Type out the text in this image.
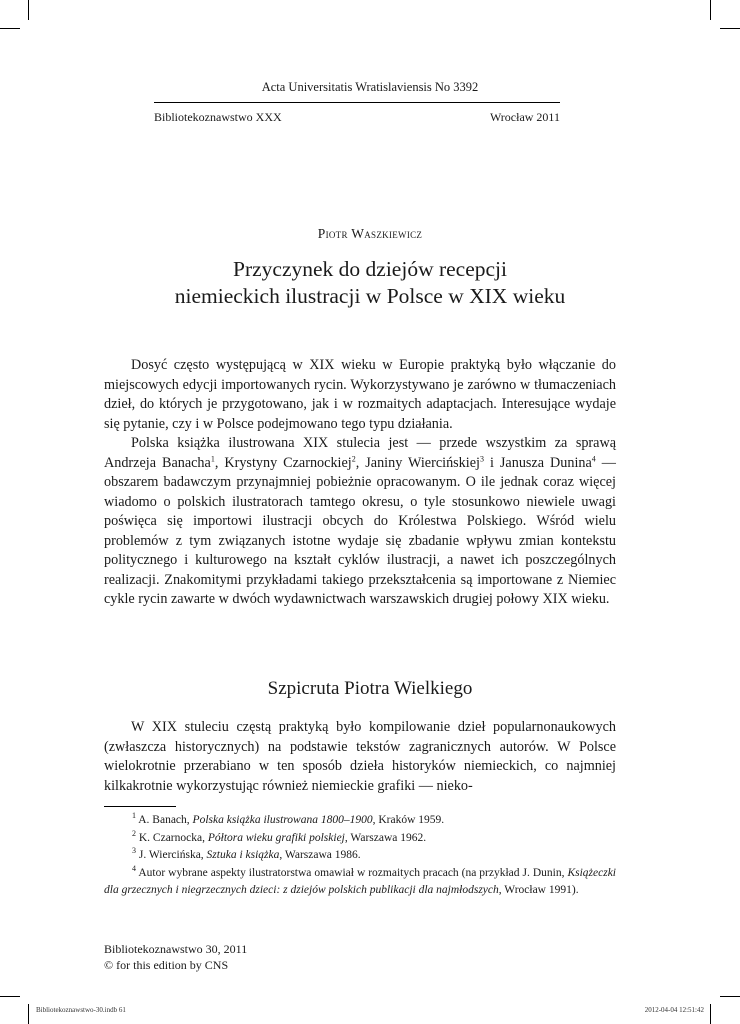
Acta Universitatis Wratislaviensis No 3392
Bibliotekoznawstwo XXX	Wrocław 2011
Piotr Waszkiewicz
Przyczynek do dziejów recepcji
niemieckich ilustracji w Polsce w XIX wieku

Dosyć często występującą w XIX wieku w Europie praktyką było włączanie do miejscowych edycji importowanych rycin. Wykorzystywano je zarówno w tłumaczeniach dzieł, do których je przygotowano, jak i w rozmaitych adaptacjach. Interesujące wydaje się pytanie, czy i w Polsce podejmowano tego typu działania.

Polska książka ilustrowana XIX stulecia jest — przede wszystkim za sprawą Andrzeja Banacha$^1$, Krystyny Czarnockiej$^2$, Janiny Wiercińskiej$^3$ i Janusza Dunina$^4$ — obszarem badawczym przynajmniej pobieżnie opracowanym. O ile jednak coraz więcej wiadomo o polskich ilustratorach tamtego okresu, o tyle stosunkowo niewiele uwagi poświęca się importowi ilustracji obcych do Królestwa Polskiego. Wśród wielu problemów z tym związanych istotne wydaje się zbadanie wpływu zmian kontekstu politycznego i kulturowego na kształt cyklów ilustracji, a nawet ich poszczególnych realizacji. Znakomitymi przykładami takiego przekształcenia są importowane z Niemiec cykle rycin zawarte w dwóch wydawnictwach warszawskich drugiej połowy XIX wieku.

Szpicruta Piotra Wielkiego

W XIX stuleciu częstą praktyką było kompilowanie dzieł popularnonaukowych (zwłaszcza historycznych) na podstawie tekstów zagranicznych autorów. W Polsce wielokrotnie przerabiano w ten sposób dzieła historyków niemieckich, co najmniej kilkakrotnie wykorzystując również niemieckie grafiki — nieko-

$^1$ A. Banach, Polska książka ilustrowana 1800–1900, Kraków 1959.

$^2$ K. Czarnocka, Półtora wieku grafiki polskiej, Warszawa 1962.

$^3$ J. Wiercińska, Sztuka i książka, Warszawa 1986.

$^4$ Autor wybrane aspekty ilustratorstwa omawiał w rozmaitych pracach (na przykład J. Dunin, Książeczki dla grzecznych i niegrzecznych dzieci: z dziejów polskich publikacji dla najmłodszych, Wrocław 1991).

Bibliotekoznawstwo 30, 2011
© for this edition by CNS
Bibliotekoznawstwo-30.indb 61	2012-04-04 12:51:42
